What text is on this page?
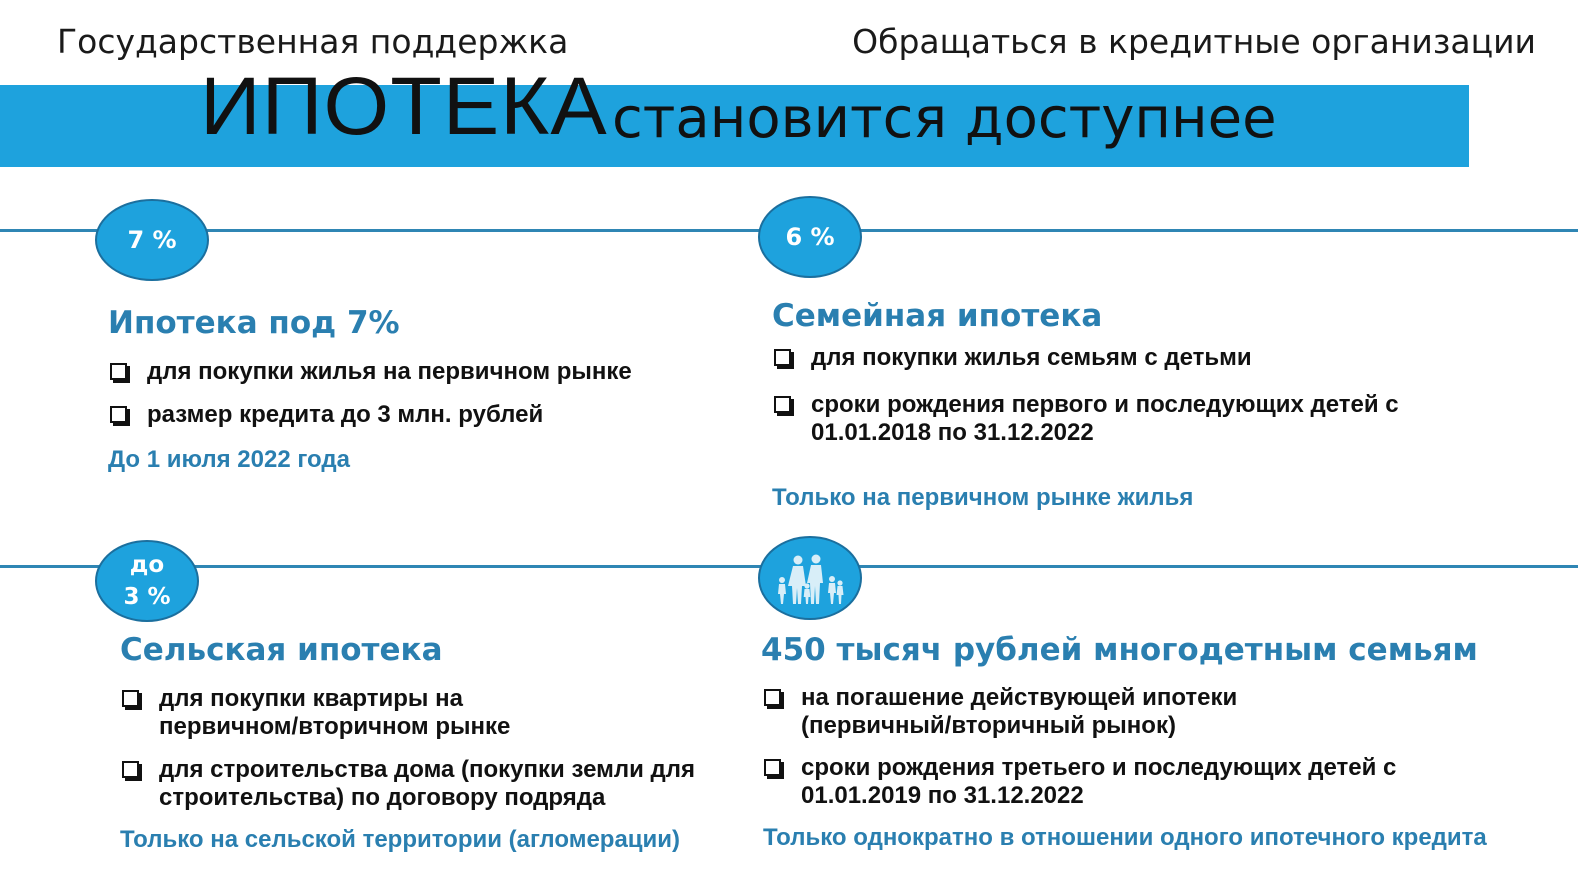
Государственная поддержка	Обращаться в кредитные организации
ИПОТЕКА становится доступнее
7 %
Ипотека под 7%
для покупки жилья на первичном рынке
размер кредита до 3 млн. рублей
До 1 июля 2022 года
6 %
Семейная ипотека
для покупки жилья семьям с детьми
сроки рождения первого и последующих детей с 01.01.2018 по 31.12.2022
Только на первичном рынке жилья
до
3 %
Сельская ипотека
для покупки квартиры на первичном/вторичном рынке
для строительства дома (покупки земли для строительства) по договору подряда
Только на сельской территории (агломерации)
450 тысяч рублей многодетным семьям
на погашение действующей ипотеки (первичный/вторичный рынок)
сроки рождения третьего и последующих детей с 01.01.2019 по 31.12.2022
Только однократно в отношении одного ипотечного кредита
